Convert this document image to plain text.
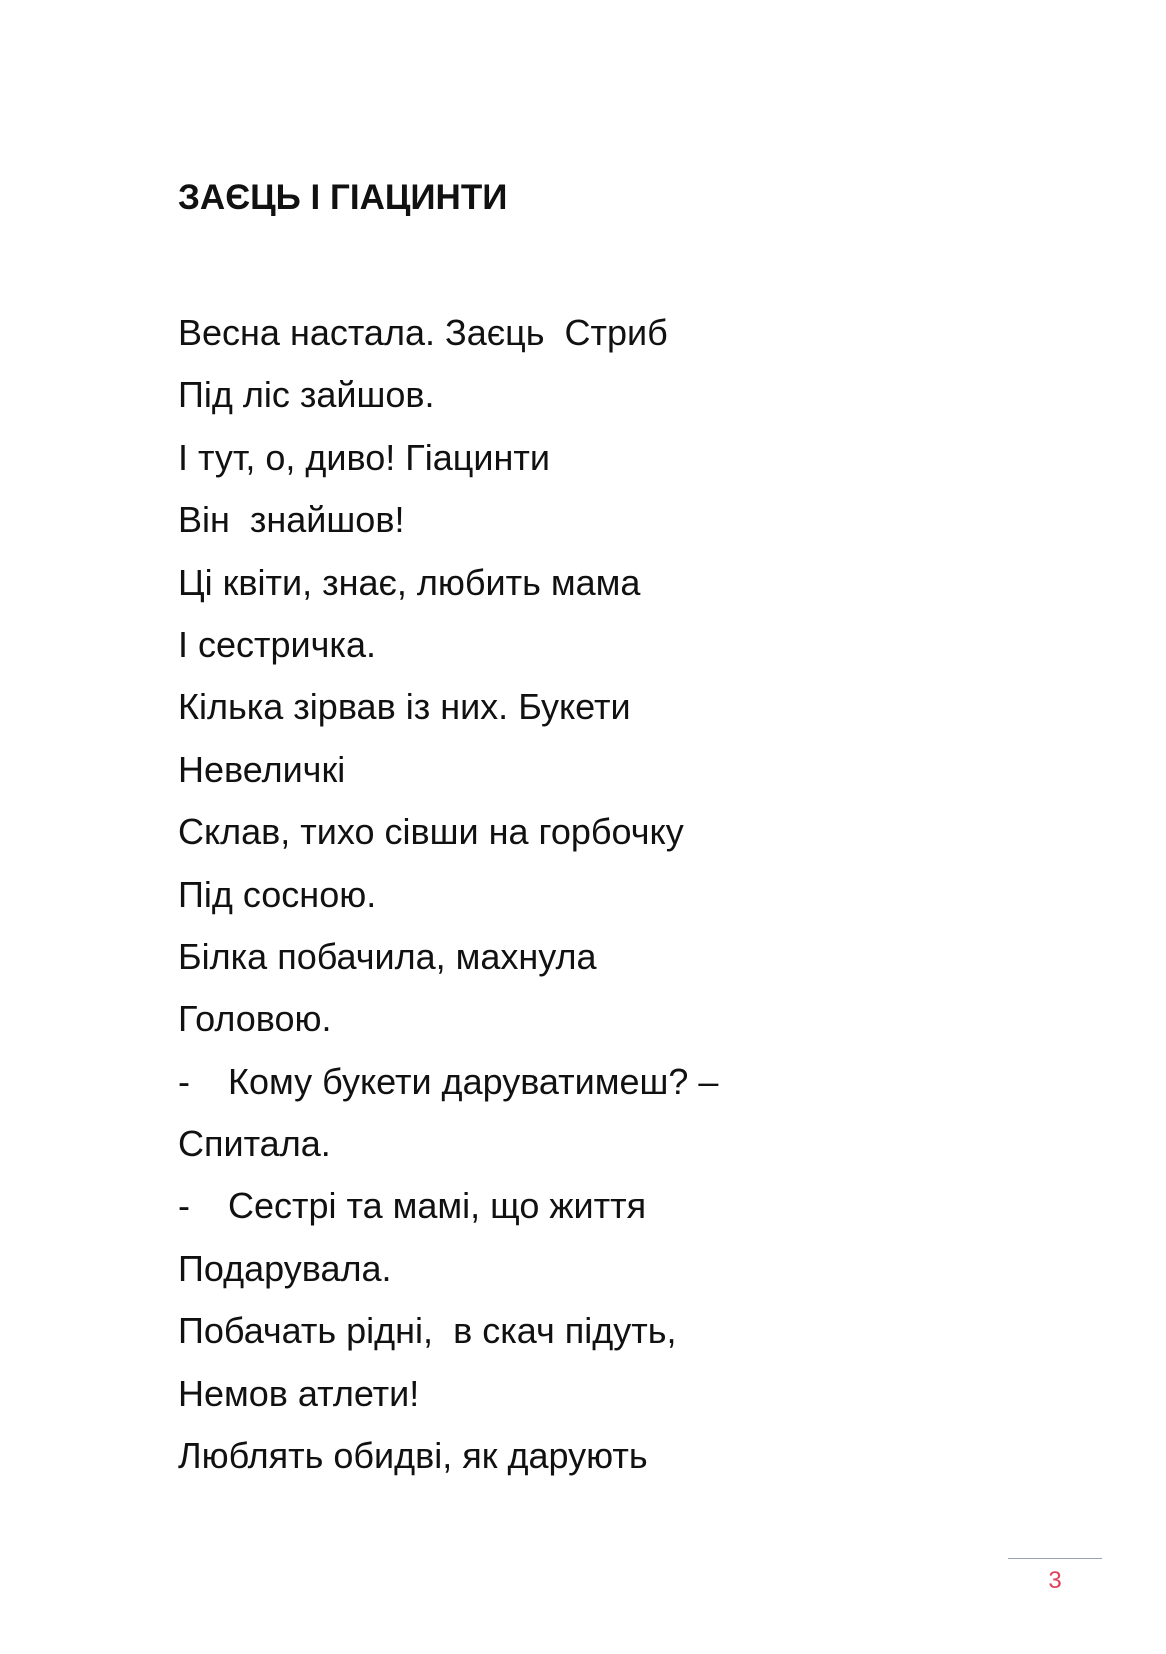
ЗАЄЦЬ І ГІАЦИНТИ
Весна настала. Заєць  Стриб
Під ліс зайшов.
І тут, о, диво! Гіацинти
Він  знайшов!
Ці квіти, знає, любить мама
І сестричка.
Кілька зірвав із них. Букети
Невеличкі
Склав, тихо сівши на горбочку
Під сосною.
Білка побачила, махнула
Головою.
- Кому букети даруватимеш? –
Спитала.
- Сестрі та мамі, що життя
Подарувала.
Побачать рідні,  в скач підуть,
Немов атлети!
Люблять обидві, як дарують
3
